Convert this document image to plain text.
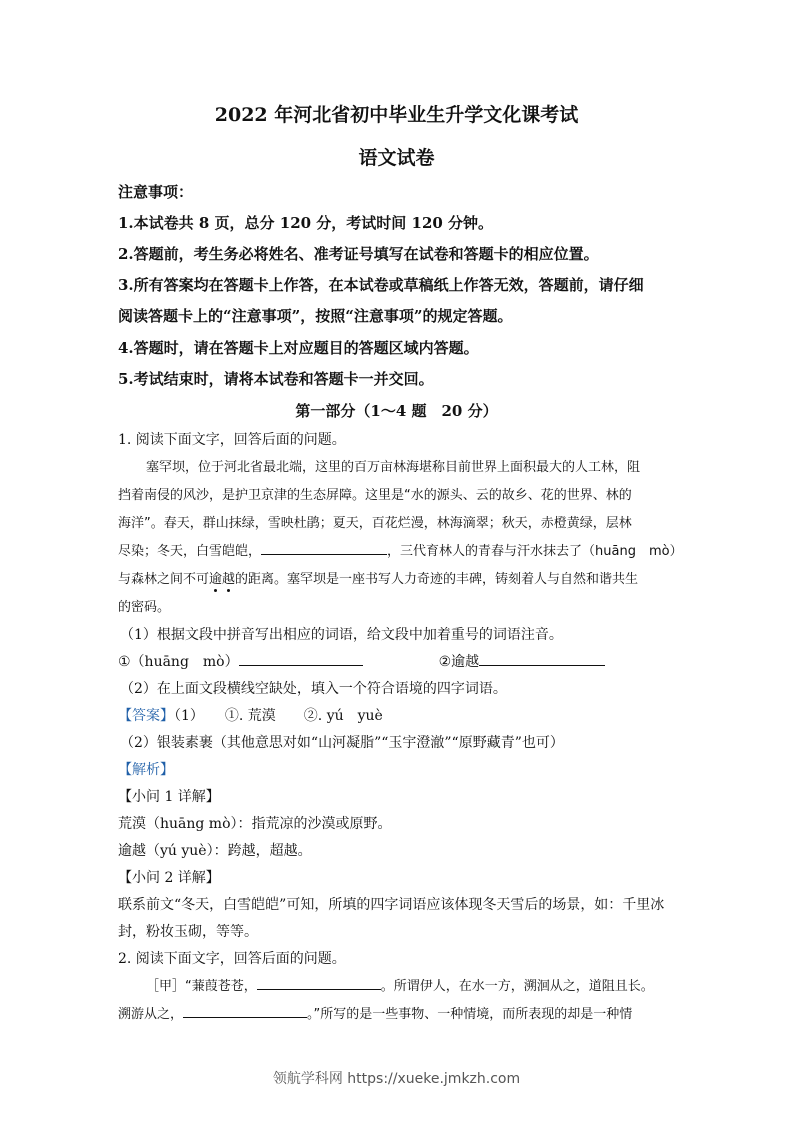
2022 年河北省初中毕业生升学文化课考试
语文试卷
注意事项：
1.本试卷共 8 页，总分 120 分，考试时间 120 分钟。
2.答题前，考生务必将姓名、准考证号填写在试卷和答题卡的相应位置。
3.所有答案均在答题卡上作答，在本试卷或草稿纸上作答无效，答题前，请仔细
阅读答题卡上的“注意事项”，按照“注意事项”的规定答题。
4.答题时，请在答题卡上对应题目的答题区域内答题。
5.考试结束时，请将本试卷和答题卡一并交回。
第一部分（1～4 题　20 分）
1. 阅读下面文字，回答后面的问题。
塞罕坝，位于河北省最北端，这里的百万亩林海堪称目前世界上面积最大的人工林，阻
挡着南侵的风沙，是护卫京津的生态屏障。这里是“水的源头、云的故乡、花的世界、林的
海洋”。春天，群山抹绿，雪映杜鹃；夏天，百花烂漫，林海滴翠；秋天，赤橙黄绿，层林
尽染；冬天，白雪皑皑，	，三代育林人的青春与汗水抹去了（huāng　mò）
与森林之间不可逾越的距离。塞罕坝是一座书写人力奇迹的丰碑，铸刻着人与自然和谐共生
的密码。
（1）根据文段中拼音写出相应的词语，给文段中加着重号的词语注音。
①（huāng　mò）	②逾越
（2）在上面文段横线空缺处，填入一个符合语境的四字词语。
【答案】（1）　　①. 荒漠　　②. yú　yuè
（2）银装素裹（其他意思对如“山河凝脂”“玉宇澄澈”“原野藏青”也可）
【解析】
【小问 1 详解】
荒漠（huāng mò）：指荒凉的沙漠或原野。
逾越（yú yuè）：跨越，超越。
【小问 2 详解】
联系前文“冬天，白雪皑皑”可知，所填的四字词语应该体现冬天雪后的场景，如：千里冰
封，粉妆玉砌，等等。
2. 阅读下面文字，回答后面的问题。
［甲］“蒹葭苍苍，	。所谓伊人，在水一方，溯洄从之，道阻且长。
溯游从之，	。”所写的是一些事物、一种情境，而所表现的却是一种情
领航学科网 https://xueke.jmkzh.com
